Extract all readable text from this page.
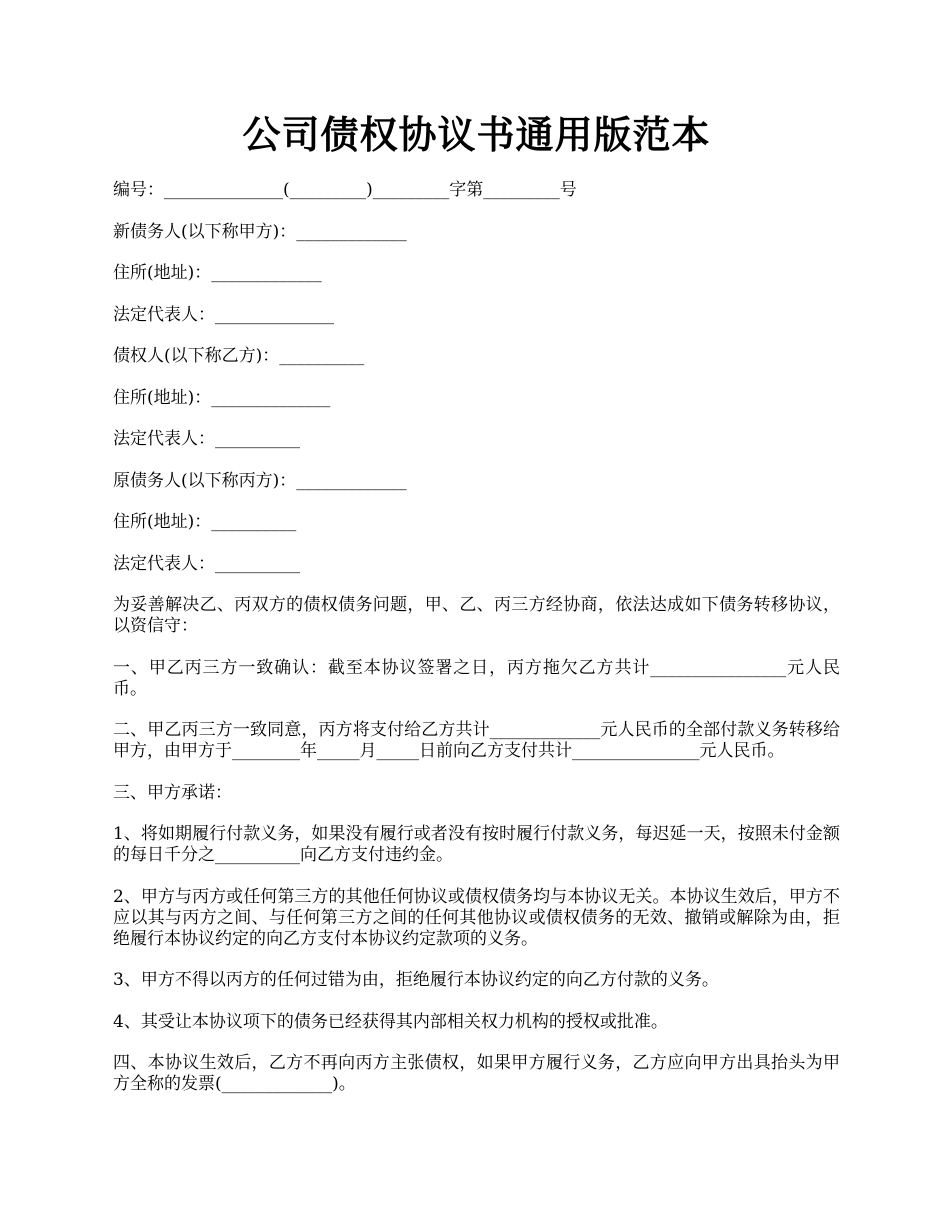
公司债权协议书通用版范本

编号：______________(_________)_________字第_________号

新债务人(以下称甲方)：_____________

住所(地址)：_____________

法定代表人：______________

债权人(以下称乙方)：__________

住所(地址)：______________

法定代表人：__________

原债务人(以下称丙方)：_____________

住所(地址)：__________

法定代表人：__________

为妥善解决乙、丙双方的债权债务问题，甲、乙、丙三方经协商，依法达成如下债务转移协议，以资信守：

一、甲乙丙三方一致确认：截至本协议签署之日，丙方拖欠乙方共计________________元人民币。

二、甲乙丙三方一致同意，丙方将支付给乙方共计_____________元人民币的全部付款义务转移给甲方，由甲方于________年_____月_____日前向乙方支付共计_______________元人民币。

三、甲方承诺：

1、将如期履行付款义务，如果没有履行或者没有按时履行付款义务，每迟延一天，按照未付金额的每日千分之__________向乙方支付违约金。

2、甲方与丙方或任何第三方的其他任何协议或债权债务均与本协议无关。本协议生效后，甲方不应以其与丙方之间、与任何第三方之间的任何其他协议或债权债务的无效、撤销或解除为由，拒绝履行本协议约定的向乙方支付本协议约定款项的义务。

3、甲方不得以丙方的任何过错为由，拒绝履行本协议约定的向乙方付款的义务。

4、其受让本协议项下的债务已经获得其内部相关权力机构的授权或批准。

四、本协议生效后，乙方不再向丙方主张债权，如果甲方履行义务，乙方应向甲方出具抬头为甲方全称的发票(_____________)。
